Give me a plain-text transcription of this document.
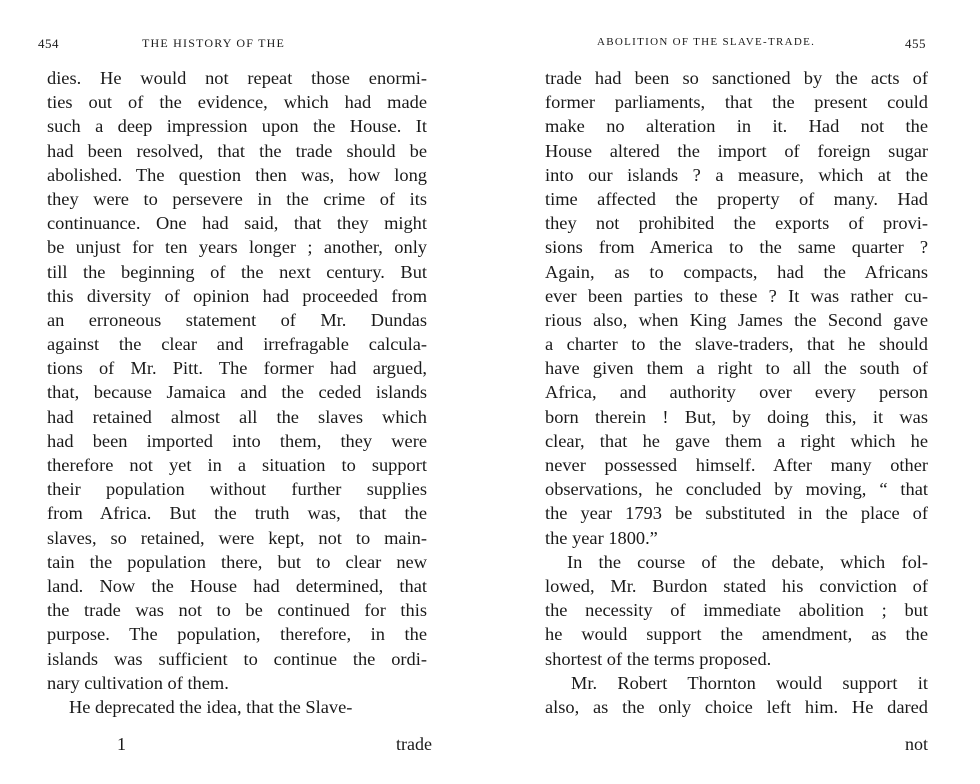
454	THE HISTORY OF THE
dies. He would not repeat those enormi-
ties out of the evidence, which had made
such a deep impression upon the House. It
had been resolved, that the trade should be
abolished. The question then was, how long
they were to persevere in the crime of its
continuance. One had said, that they might
be unjust for ten years longer ; another, only
till the beginning of the next century. But
this diversity of opinion had proceeded from
an erroneous statement of Mr. Dundas
against the clear and irrefragable calcula-
tions of Mr. Pitt. The former had argued,
that, because Jamaica and the ceded islands
had retained almost all the slaves which
had been imported into them, they were
therefore not yet in a situation to support
their population without further supplies
from Africa. But the truth was, that the
slaves, so retained, were kept, not to main-
tain the population there, but to clear new
land. Now the House had determined, that
the trade was not to be continued for this
purpose. The population, therefore, in the
islands was sufficient to continue the ordi-
nary cultivation of them.
He deprecated the idea, that the Slave-
1	trade
ABOLITION OF THE SLAVE-TRADE.	455
trade had been so sanctioned by the acts of
former parliaments, that the present could
make no alteration in it. Had not the
House altered the import of foreign sugar
into our islands ? a measure, which at the
time affected the property of many. Had
they not prohibited the exports of provi-
sions from America to the same quarter ?
Again, as to compacts, had the Africans
ever been parties to these ? It was rather cu-
rious also, when King James the Second gave
a charter to the slave-traders, that he should
have given them a right to all the south of
Africa, and authority over every person
born therein ! But, by doing this, it was
clear, that he gave them a right which he
never possessed himself. After many other
observations, he concluded by moving, “ that
the year 1793 be substituted in the place of
the year 1800.”
In the course of the debate, which fol-
lowed, Mr. Burdon stated his conviction of
the necessity of immediate abolition ; but
he would support the amendment, as the
shortest of the terms proposed.
Mr. Robert Thornton would support it
also, as the only choice left him. He dared
not
